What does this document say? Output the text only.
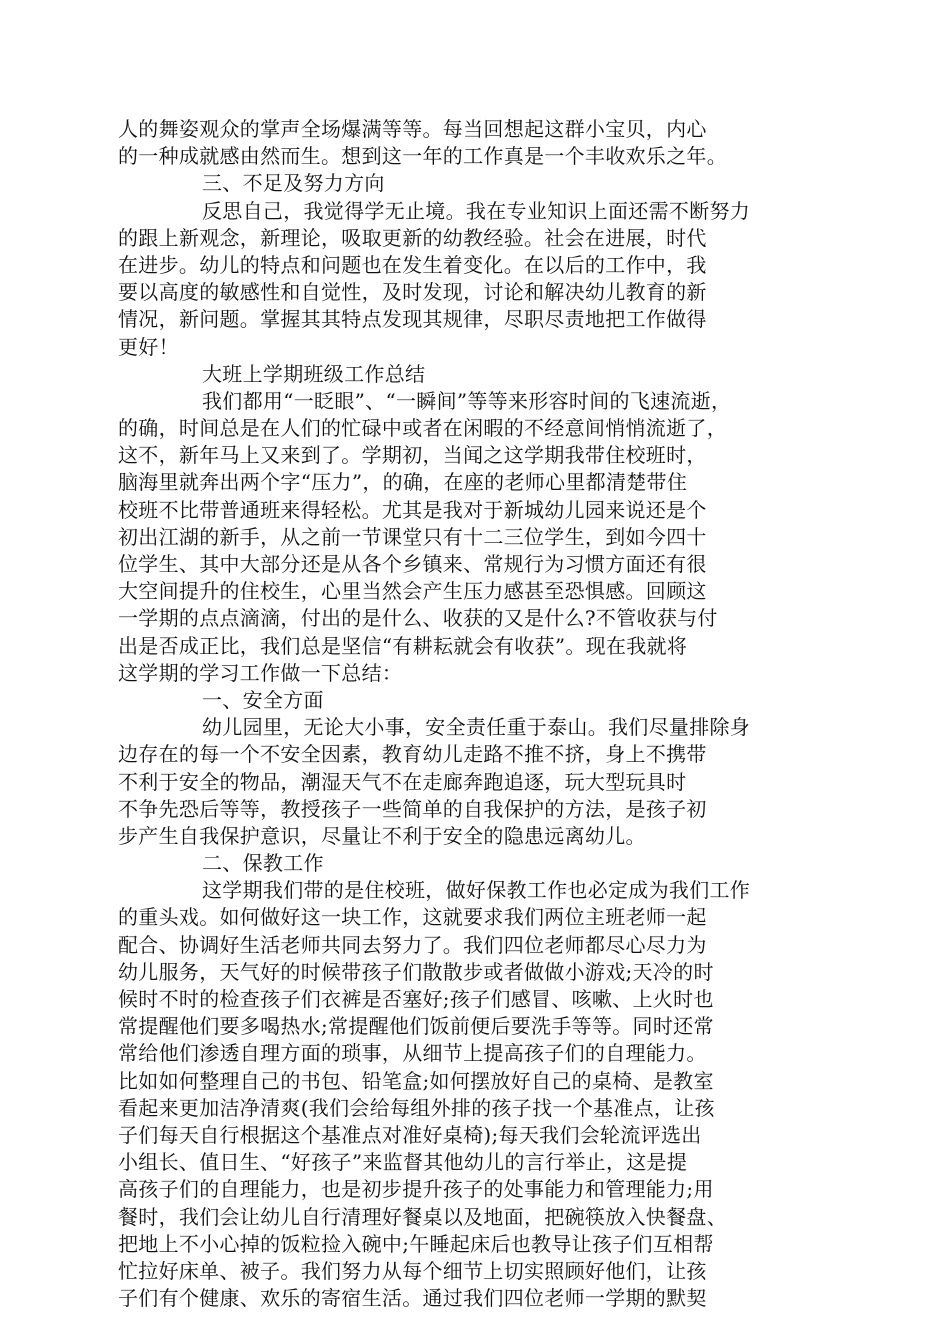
人的舞姿观众的掌声全场爆满等等。每当回想起这群小宝贝，内心
的一种成就感由然而生。想到这一年的工作真是一个丰收欢乐之年。
三、不足及努力方向
反思自己，我觉得学无止境。我在专业知识上面还需不断努力
的跟上新观念，新理论，吸取更新的幼教经验。社会在进展，时代
在进步。幼儿的特点和问题也在发生着变化。在以后的工作中，我
要以高度的敏感性和自觉性，及时发现，讨论和解决幼儿教育的新
情况，新问题。掌握其其特点发现其规律，尽职尽责地把工作做得
更好！
大班上学期班级工作总结
我们都用“一眨眼”、“一瞬间”等等来形容时间的飞速流逝，
的确，时间总是在人们的忙碌中或者在闲暇的不经意间悄悄流逝了，
这不，新年马上又来到了。学期初，当闻之这学期我带住校班时，
脑海里就奔出两个字“压力”，的确，在座的老师心里都清楚带住
校班不比带普通班来得轻松。尤其是我对于新城幼儿园来说还是个
初出江湖的新手，从之前一节课堂只有十二三位学生，到如今四十
位学生、其中大部分还是从各个乡镇来、常规行为习惯方面还有很
大空间提升的住校生，心里当然会产生压力感甚至恐惧感。回顾这
一学期的点点滴滴，付出的是什么、收获的又是什么?不管收获与付
出是否成正比，我们总是坚信“有耕耘就会有收获”。现在我就将
这学期的学习工作做一下总结：
一、安全方面
幼儿园里，无论大小事，安全责任重于泰山。我们尽量排除身
边存在的每一个不安全因素，教育幼儿走路不推不挤，身上不携带
不利于安全的物品，潮湿天气不在走廊奔跑追逐，玩大型玩具时
不争先恐后等等，教授孩子一些简单的自我保护的方法，是孩子初
步产生自我保护意识，尽量让不利于安全的隐患远离幼儿。
二、保教工作
这学期我们带的是住校班，做好保教工作也必定成为我们工作
的重头戏。如何做好这一块工作，这就要求我们两位主班老师一起
配合、协调好生活老师共同去努力了。我们四位老师都尽心尽力为
幼儿服务，天气好的时候带孩子们散散步或者做做小游戏;天冷的时
候时不时的检查孩子们衣裤是否塞好;孩子们感冒、咳嗽、上火时也
常提醒他们要多喝热水;常提醒他们饭前便后要洗手等等。同时还常
常给他们渗透自理方面的琐事，从细节上提高孩子们的自理能力。
比如如何整理自己的书包、铅笔盒;如何摆放好自己的桌椅、是教室
看起来更加洁净清爽(我们会给每组外排的孩子找一个基准点，让孩
子们每天自行根据这个基准点对准好桌椅);每天我们会轮流评选出
小组长、值日生、“好孩子”来监督其他幼儿的言行举止，这是提
高孩子们的自理能力，也是初步提升孩子的处事能力和管理能力;用
餐时，我们会让幼儿自行清理好餐桌以及地面，把碗筷放入快餐盘、
把地上不小心掉的饭粒捡入碗中;午睡起床后也教导让孩子们互相帮
忙拉好床单、被子。我们努力从每个细节上切实照顾好他们，让孩
子们有个健康、欢乐的寄宿生活。通过我们四位老师一学期的默契
